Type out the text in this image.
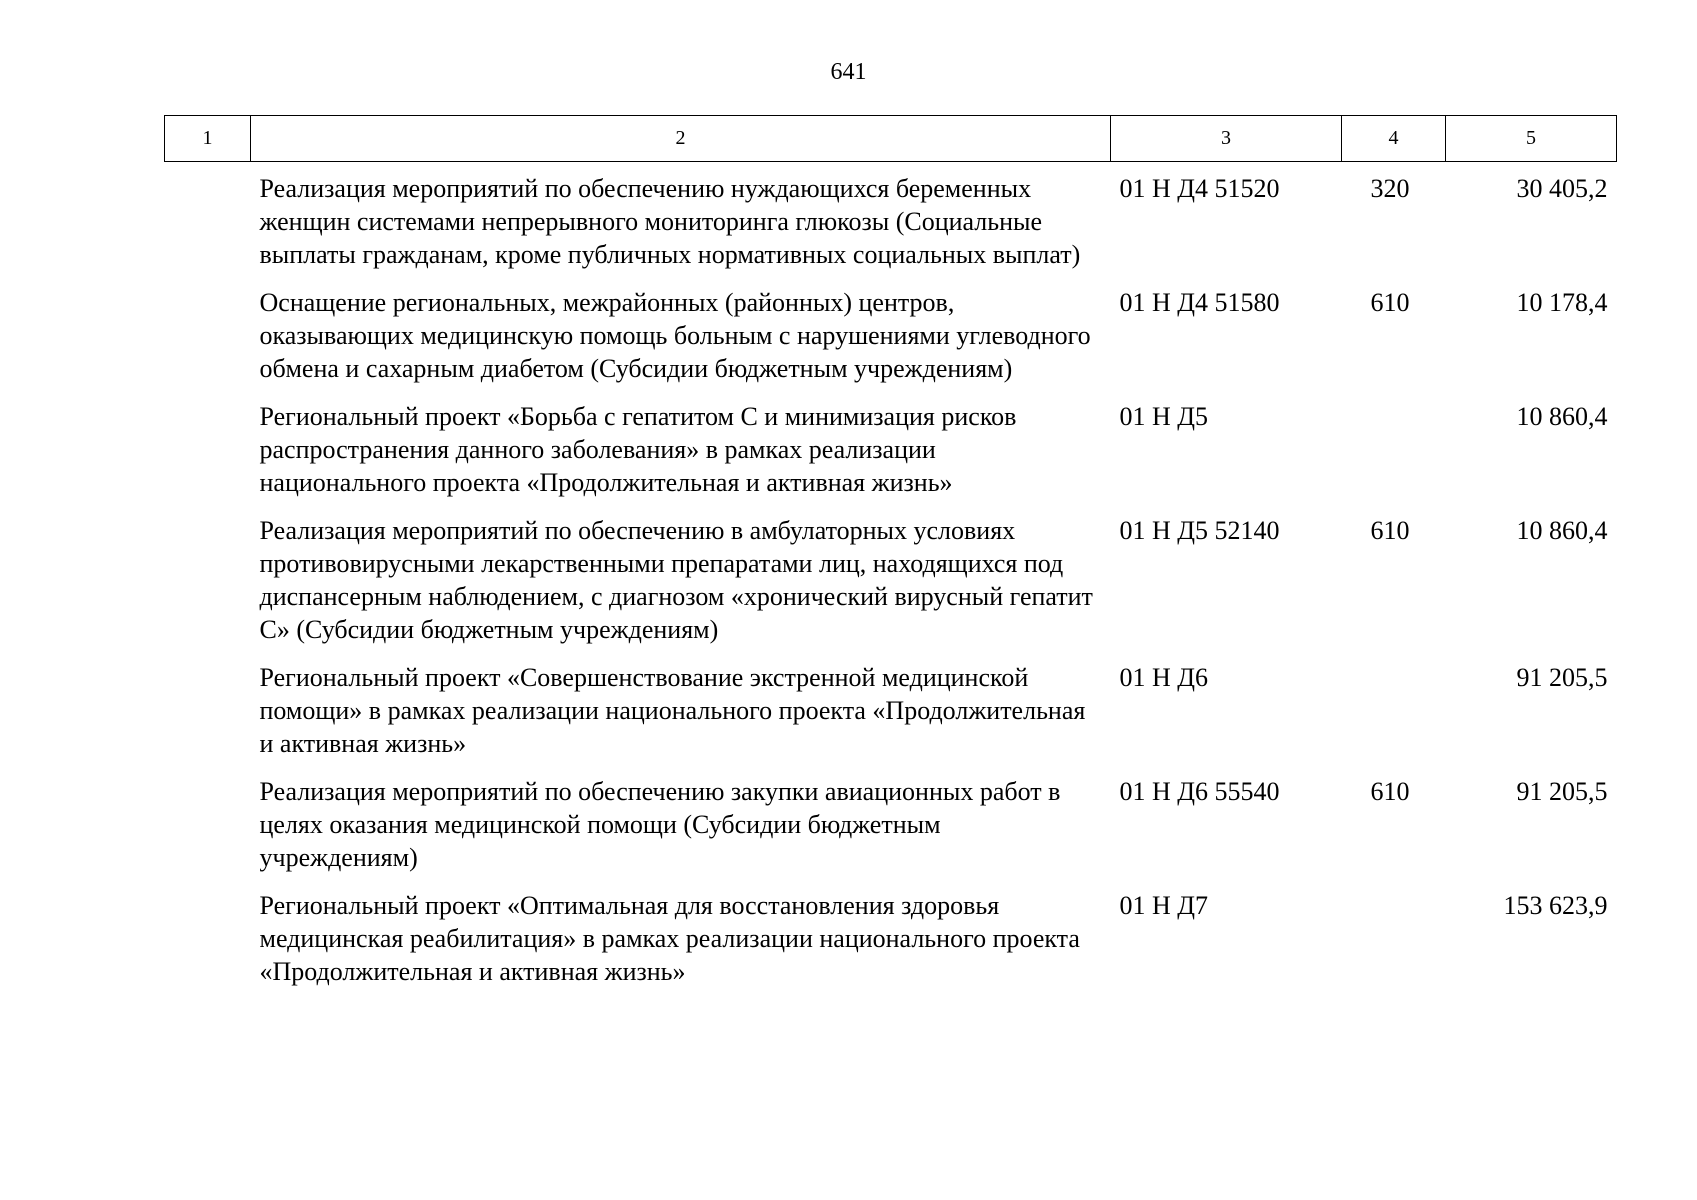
641
1	2	3	4	5
	Реализация мероприятий по обеспечению нуждающихся беременных женщин системами непрерывного мониторинга глюкозы (Социальные выплаты гражданам, кроме публичных нормативных социальных выплат)	01 Н Д4 51520	320	30 405,2
	Оснащение региональных, межрайонных (районных) центров, оказывающих медицинскую помощь больным с нарушениями углеводного обмена и сахарным диабетом (Субсидии бюджетным учреждениям)	01 Н Д4 51580	610	10 178,4
	Региональный проект «Борьба с гепатитом С и минимизация рисков распространения данного заболевания» в рамках реализации национального проекта «Продолжительная и активная жизнь»	01 Н Д5		10 860,4
	Реализация мероприятий по обеспечению в амбулаторных условиях противовирусными лекарственными препаратами лиц, находящихся под диспансерным наблюдением, с диагнозом «хронический вирусный гепатит С» (Субсидии бюджетным учреждениям)	01 Н Д5 52140	610	10 860,4
	Региональный проект «Совершенствование экстренной медицинской помощи» в рамках реализации национального проекта «Продолжительная и активная жизнь»	01 Н Д6		91 205,5
	Реализация мероприятий по обеспечению закупки авиационных работ в целях оказания медицинской помощи (Субсидии бюджетным учреждениям)	01 Н Д6 55540	610	91 205,5
	Региональный проект «Оптимальная для восстановления здоровья медицинская реабилитация» в рамках реализации национального проекта «Продолжительная и активная жизнь»	01 Н Д7		153 623,9
